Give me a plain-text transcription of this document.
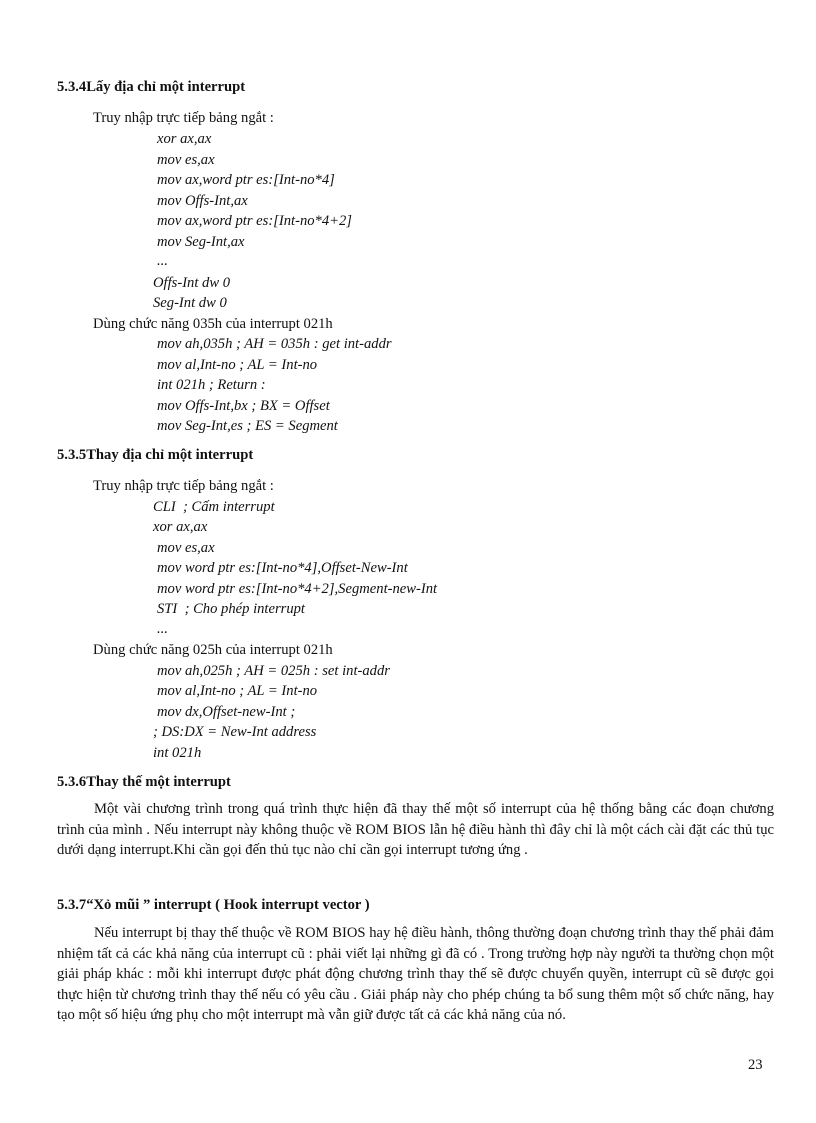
5.3.4Lấy địa chỉ một interrupt
Truy nhập trực tiếp bảng ngắt :
xor ax,ax
mov es,ax
mov ax,word ptr es:[Int-no*4]
mov Offs-Int,ax
mov ax,word ptr es:[Int-no*4+2]
mov Seg-Int,ax
...
Offs-Int dw 0
Seg-Int dw 0
Dùng chức năng 035h của interrupt 021h
mov ah,035h ; AH = 035h : get int-addr
mov al,Int-no ; AL = Int-no
int 021h ; Return :
mov Offs-Int,bx ; BX = Offset
mov Seg-Int,es ; ES = Segment
5.3.5Thay địa chỉ một interrupt
Truy nhập trực tiếp bảng ngắt :
CLI  ; Cấm interrupt
xor ax,ax
mov es,ax
mov word ptr es:[Int-no*4],Offset-New-Int
mov word ptr es:[Int-no*4+2],Segment-new-Int
STI  ; Cho phép interrupt
...
Dùng chức năng 025h của interrupt 021h
mov ah,025h ; AH = 025h : set int-addr
mov al,Int-no ; AL = Int-no
mov dx,Offset-new-Int ;
; DS:DX = New-Int address
int 021h
5.3.6Thay thế một interrupt

Một vài chương trình trong quá trình thực hiện đã thay thế một số interrupt của hệ thống bằng các đoạn chương trình của mình . Nếu interrupt này không thuộc về ROM BIOS lẫn hệ điều hành thì đây chỉ là một cách cài đặt các thủ tục dưới dạng interrupt.Khi cần gọi đến thủ tục nào chỉ cần gọi interrupt tương ứng .

5.3.7“Xỏ mũi ” interrupt ( Hook interrupt vector )

Nếu interrupt bị thay thế thuộc về ROM BIOS hay hệ điều hành, thông thường đoạn chương trình thay thế phải đảm nhiệm tất cả các khả năng của interrupt cũ : phải viết lại những gì đã có . Trong trường hợp này người ta thường chọn một giải pháp khác : mỗi khi interrupt được phát động chương trình thay thế sẽ được chuyển quyền, interrupt cũ sẽ được gọi thực hiện từ chương trình thay thế nếu có yêu cầu . Giải pháp này cho phép chúng ta bổ sung thêm một số chức năng, hay tạo một số hiệu ứng phụ cho một interrupt mà vẫn giữ được tất cả các khả năng của nó.

23
